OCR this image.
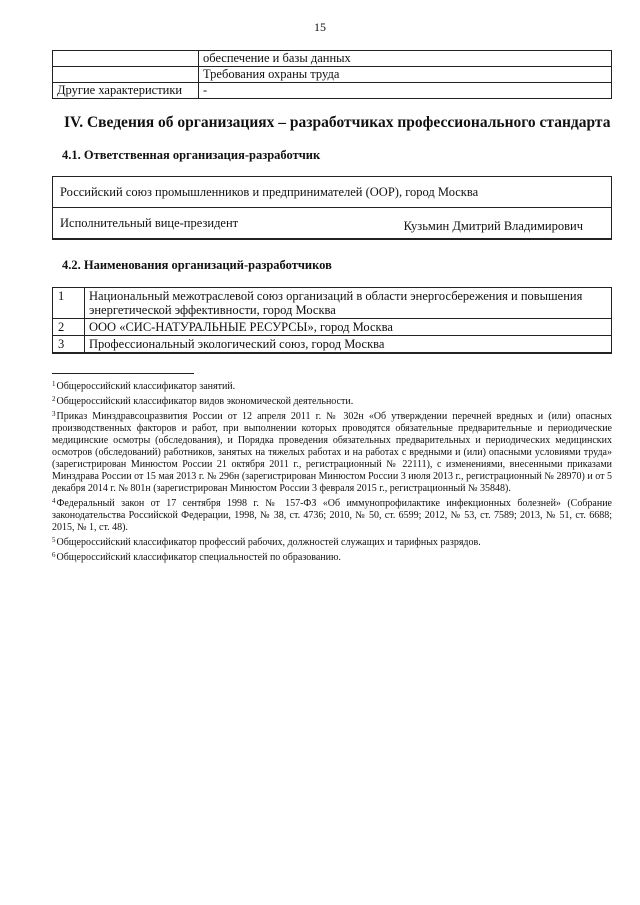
15
	обеспечение и базы данных
	Требования охраны труда
Другие характеристики	-
IV. Сведения об организациях – разработчиках профессионального стандарта
4.1. Ответственная организация-разработчик
Российский союз промышленников и предпринимателей (ООР), город Москва
Исполнительный вице-президент	Кузьмин Дмитрий Владимирович
4.2. Наименования организаций-разработчиков
1	Национальный межотраслевой союз организаций в области энергосбережения и повышения энергетической эффективности, город Москва
2	ООО «СИС-НАТУРАЛЬНЫЕ РЕСУРСЫ», город Москва
3	Профессиональный экологический союз, город Москва

$^1$Общероссийский классификатор занятий.

$^2$Общероссийский классификатор видов экономической деятельности.

$^3$Приказ Минздравсоцразвития России от 12 апреля 2011 г. № 302н «Об утверждении перечней вредных и (или) опасных производственных факторов и работ, при выполнении которых проводятся обязательные предварительные и периодические медицинские осмотры (обследования), и Порядка проведения обязательных предварительных и периодических медицинских осмотров (обследований) работников, занятых на тяжелых работах и на работах с вредными и (или) опасными условиями труда» (зарегистрирован Минюстом России 21 октября 2011 г., регистрационный № 22111), с изменениями, внесенными приказами Минздрава России от 15 мая 2013 г. № 296н (зарегистрирован Минюстом России 3 июля 2013 г., регистрационный № 28970) и от 5 декабря 2014 г. № 801н (зарегистрирован Минюстом России 3 февраля 2015 г., регистрационный № 35848).

$^4$Федеральный закон от 17 сентября 1998 г. № 157-ФЗ «Об иммунопрофилактике инфекционных болезней» (Собрание законодательства Российской Федерации, 1998, № 38, ст. 4736; 2010, № 50, ст. 6599; 2012, № 53, ст. 7589; 2013, № 51, ст. 6688; 2015, № 1, ст. 48).

$^5$Общероссийский классификатор профессий рабочих, должностей служащих и тарифных разрядов.

$^6$Общероссийский классификатор специальностей по образованию.
